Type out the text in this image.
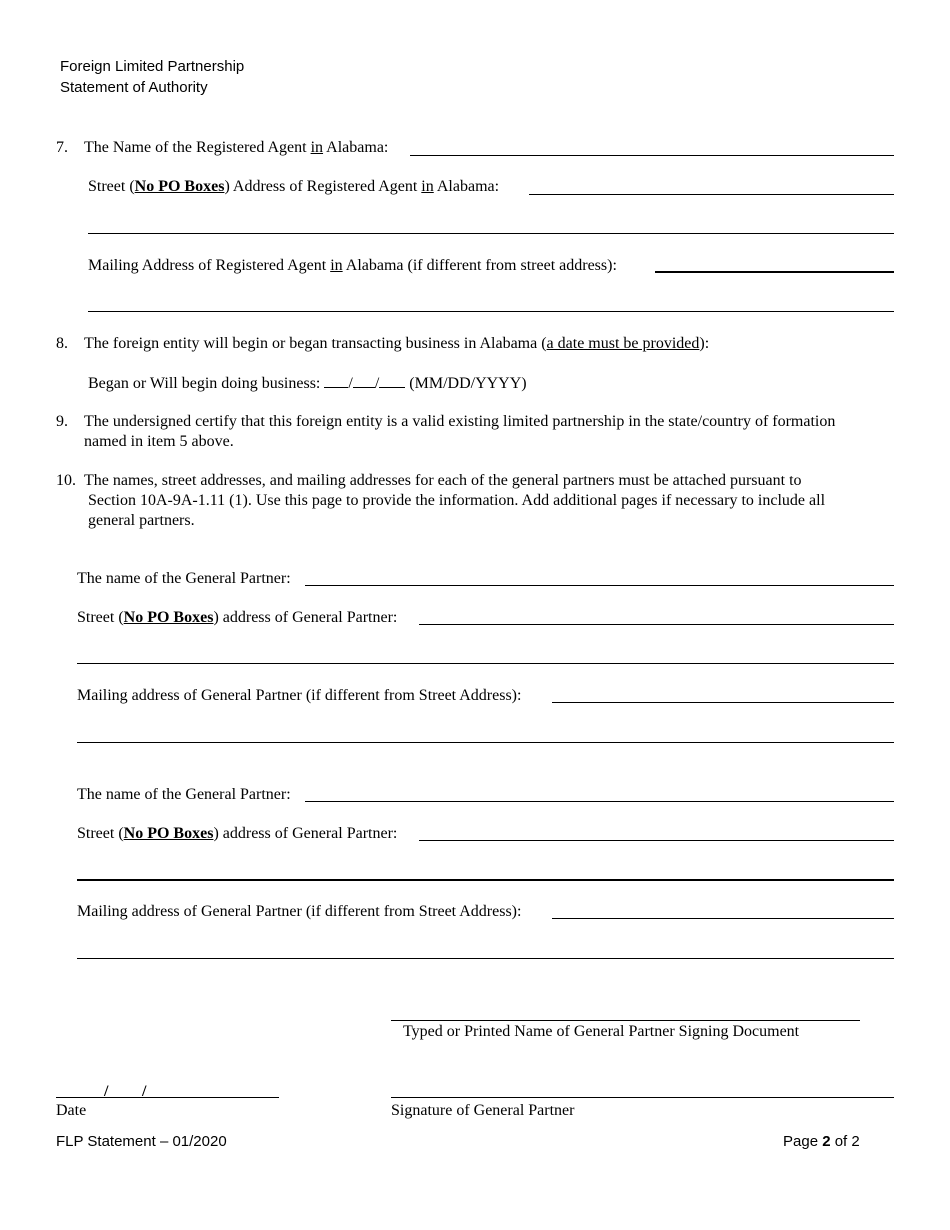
Foreign Limited Partnership
Statement of Authority
7. The Name of the Registered Agent in Alabama:
Street (No PO Boxes) Address of Registered Agent in Alabama:
Mailing Address of Registered Agent in Alabama (if different from street address):
8. The foreign entity will begin or began transacting business in Alabama (a date must be provided):
Began or Will begin doing business: / / (MM/DD/YYYY)
9. The undersigned certify that this foreign entity is a valid existing limited partnership in the state/country of formation
named in item 5 above.
10. The names, street addresses, and mailing addresses for each of the general partners must be attached pursuant to
Section 10A-9A-1.11 (1). Use this page to provide the information. Add additional pages if necessary to include all
general partners.
The name of the General Partner:
Street (No PO Boxes) address of General Partner:
Mailing address of General Partner (if different from Street Address):
The name of the General Partner:
Street (No PO Boxes) address of General Partner:
Mailing address of General Partner (if different from Street Address):
Typed or Printed Name of General Partner Signing Document
/ /
Date	Signature of General Partner
FLP Statement – 01/2020	Page 2 of 2
